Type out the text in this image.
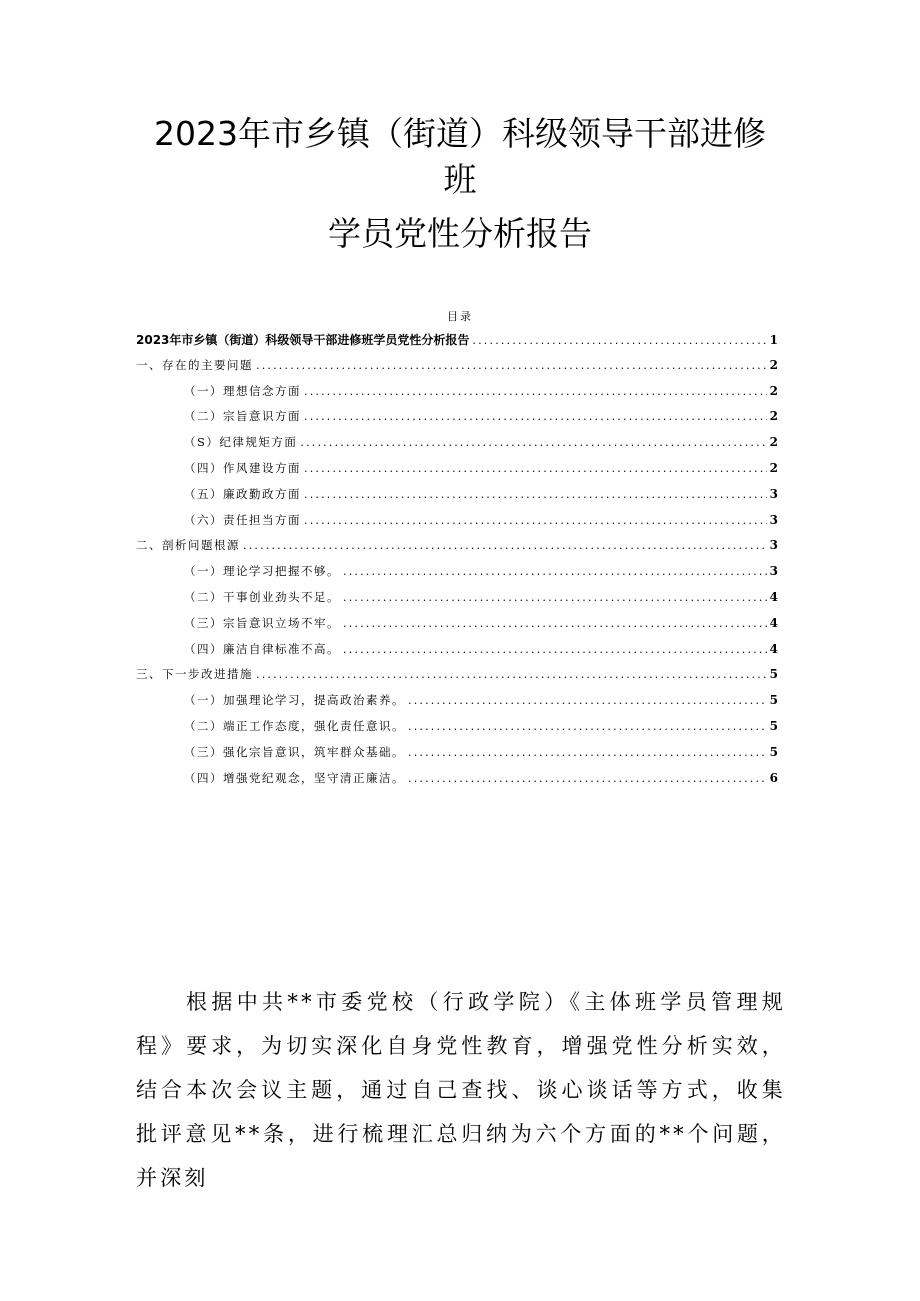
2023年市乡镇（街道）科级领导干部进修
班
学员党性分析报告
目录
2023年市乡镇（街道）科级领导干部进修班学员党性分析报告 .....	1
一、存在的主要问题 .....	2
（一）理想信念方面 .....	2
（二）宗旨意识方面 .....	2
（S）纪律规矩方面 .....	2
（四）作风建设方面 .....	2
（五）廉政勤政方面 .....	3
（六）责任担当方面 .....	3
二、剖析问题根源 .....	3
（一）理论学习把握不够。 .....	3
（二）干事创业劲头不足。 .....	4
（三）宗旨意识立场不牢。 .....	4
（四）廉洁自律标准不高。 .....	4
三、下一步改进措施 .....	5
（一）加强理论学习，提高政治素养。 .....	5
（二）端正工作态度，强化责任意识。 .....	5
（三）强化宗旨意识，筑牢群众基础。 .....	5
（四）增强党纪观念，坚守清正廉洁。 .....	6

根据中共**市委党校（行政学院）《主体班学员管理规程》要求，为切实深化自身党性教育，增强党性分析实效，结合本次会议主题，通过自己查找、谈心谈话等方式，收集批评意见**条，进行梳理汇总归纳为六个方面的**个问题，并深刻
